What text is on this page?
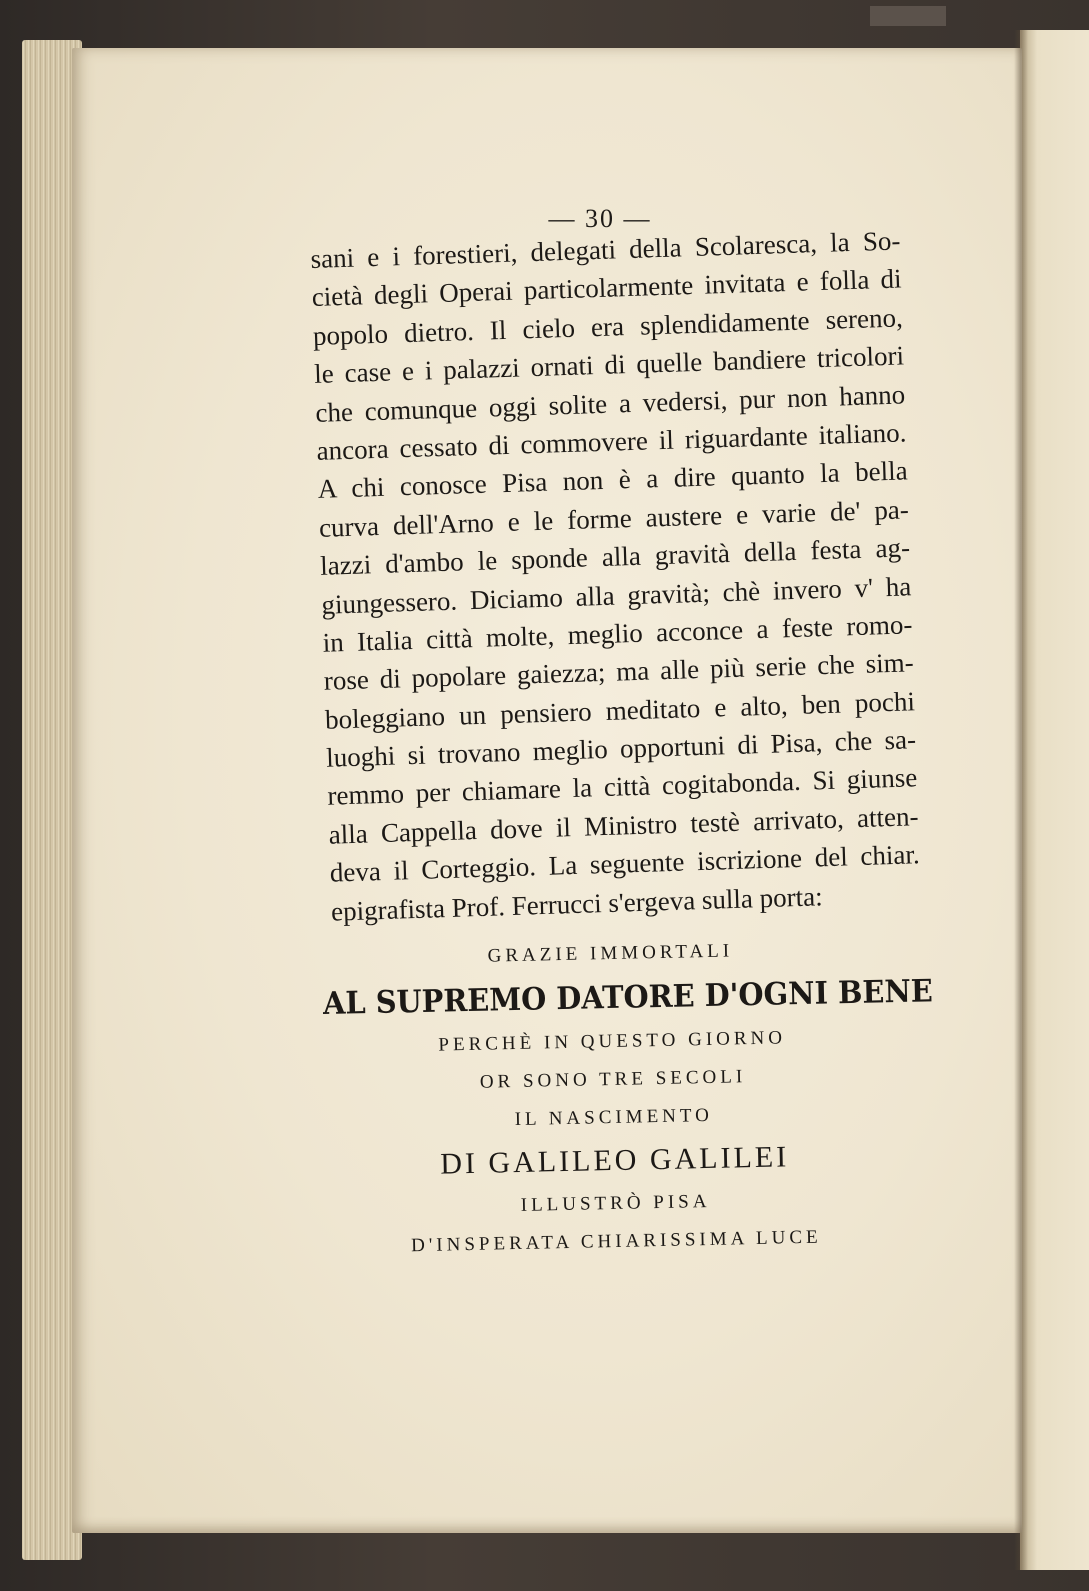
— 30 —
sani e i forestieri, delegati della Scolaresca, la So-
cietà degli Operai particolarmente invitata e folla di
popolo dietro. Il cielo era splendidamente sereno,
le case e i palazzi ornati di quelle bandiere tricolori
che comunque oggi solite a vedersi, pur non hanno
ancora cessato di commovere il riguardante italiano.
A chi conosce Pisa non è a dire quanto la bella
curva dell'Arno e le forme austere e varie de' pa-
lazzi d'ambo le sponde alla gravità della festa ag-
giungessero. Diciamo alla gravità; chè invero v' ha
in Italia città molte, meglio acconce a feste romo-
rose di popolare gaiezza; ma alle più serie che sim-
boleggiano un pensiero meditato e alto, ben pochi
luoghi si trovano meglio opportuni di Pisa, che sa-
remmo per chiamare la città cogitabonda. Si giunse
alla Cappella dove il Ministro testè arrivato, atten-
deva il Corteggio. La seguente iscrizione del chiar.
epigrafista Prof. Ferrucci s'ergeva sulla porta:
GRAZIE IMMORTALI
AL SUPREMO DATORE D'OGNI BENE
PERCHÈ IN QUESTO GIORNO
OR SONO TRE SECOLI
IL NASCIMENTO
DI GALILEO GALILEI
ILLUSTRÒ PISA
D'INSPERATA CHIARISSIMA LUCE
